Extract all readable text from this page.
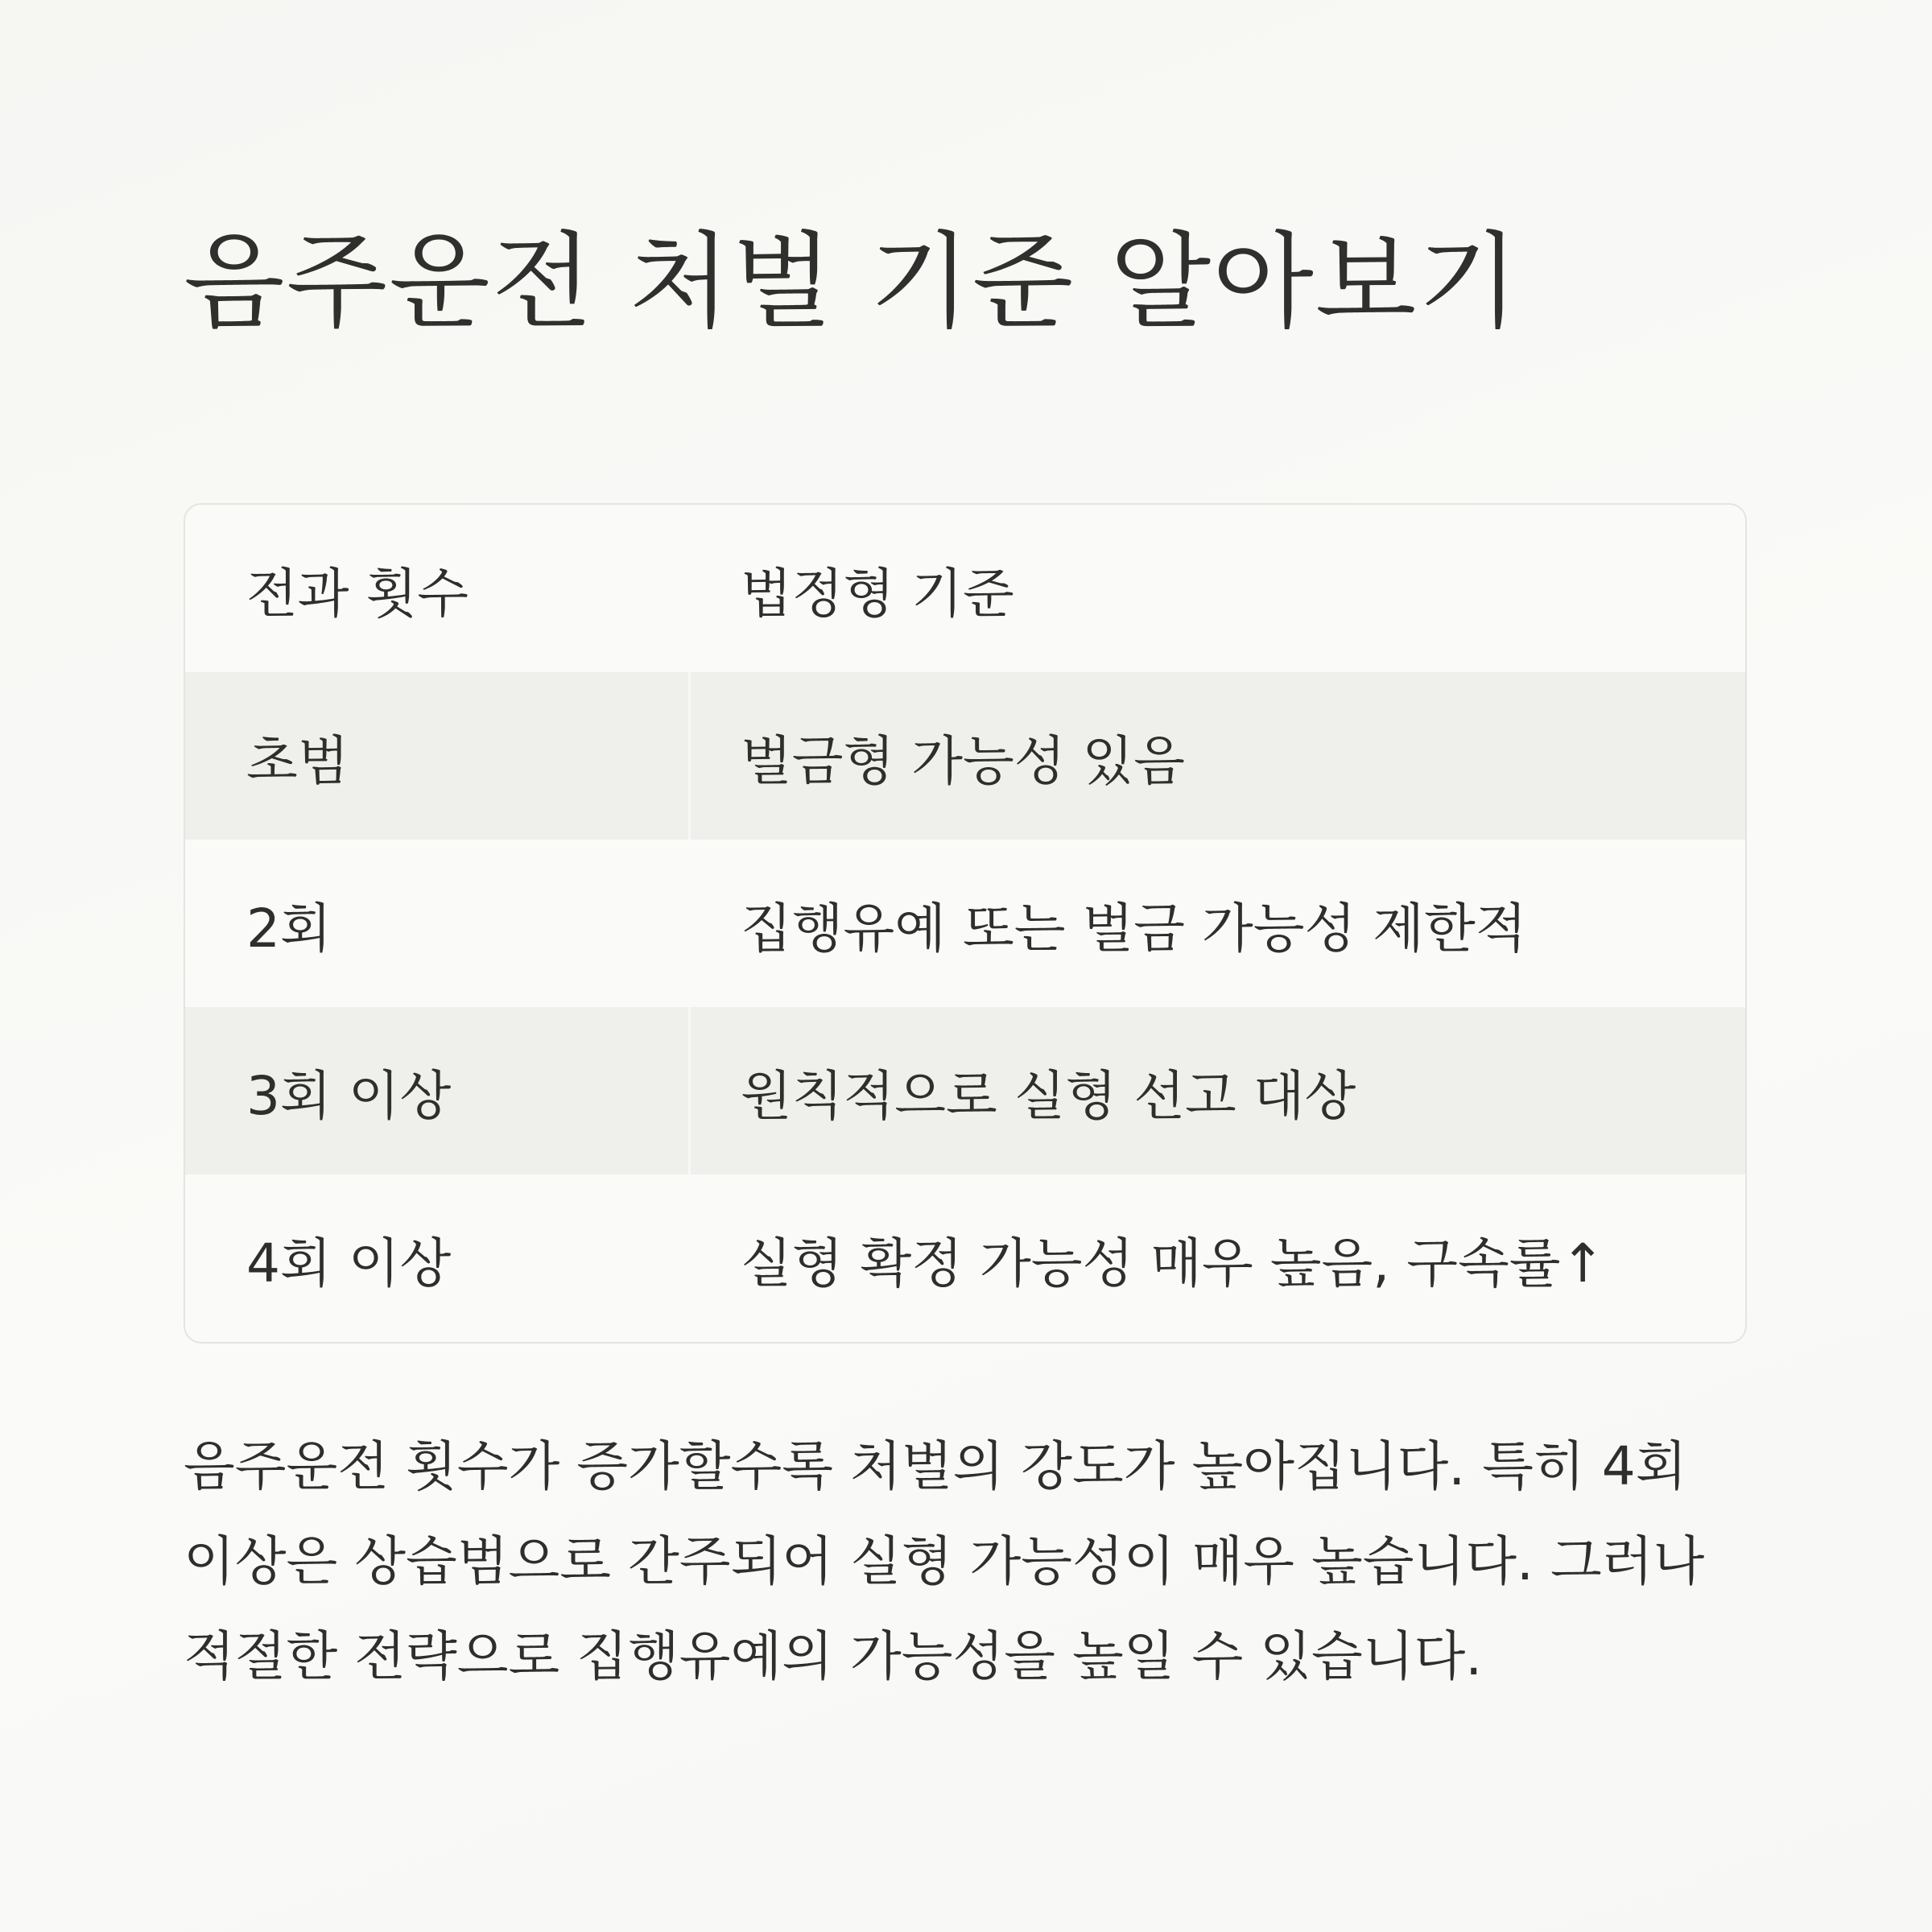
음주운전 처벌 기준 알아보기
전과 횟수	법정형 기준
초범	벌금형 가능성 있음
2회	집행유예 또는 벌금 가능성 제한적
3회 이상	원칙적으로 실형 선고 대상
4회 이상	실형 확정 가능성 매우 높음, 구속률↑

음주운전 횟수가 증가할수록 처벌의 강도가 높아집니다. 특히 4회
이상은 상습범으로 간주되어 실형 가능성이 매우 높습니다. 그러나
적절한 전략으로 집행유예의 가능성을 높일 수 있습니다.
